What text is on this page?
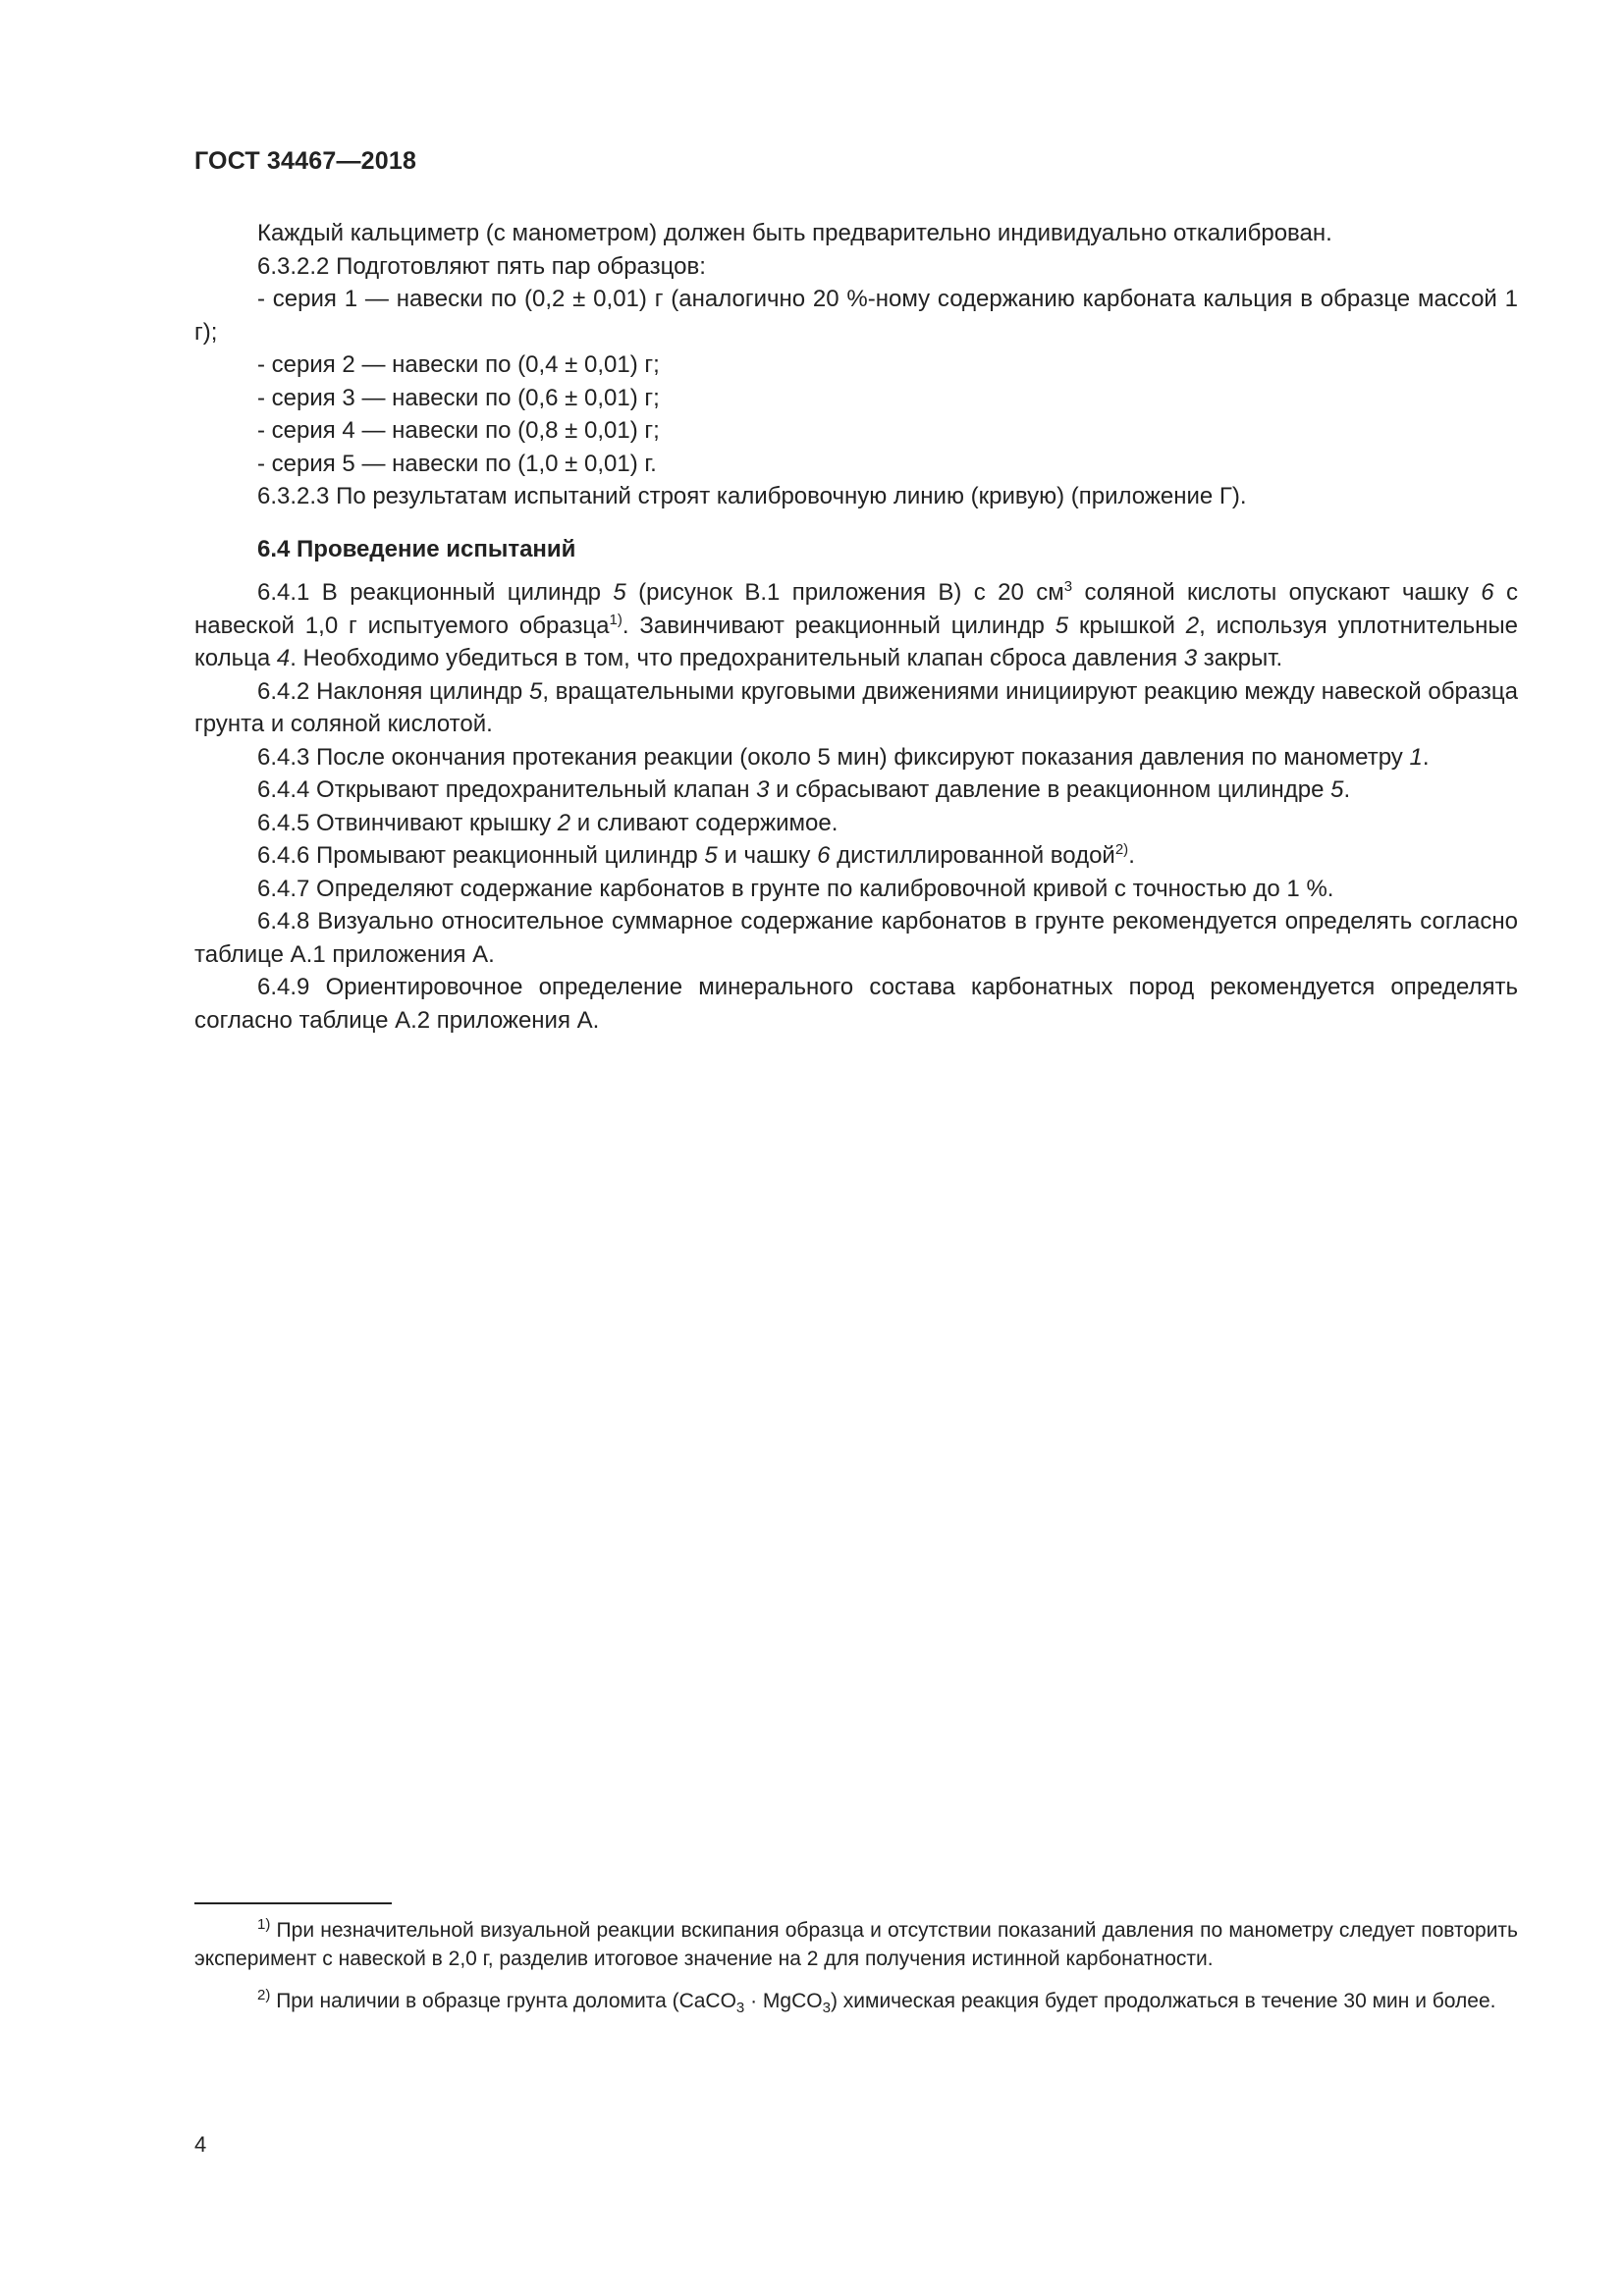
ГОСТ 34467—2018

Каждый кальциметр (с манометром) должен быть предварительно индивидуально откалиброван.

6.3.2.2 Подготовляют пять пар образцов:

- серия 1 — навески по (0,2 ± 0,01) г (аналогично 20 %-ному содержанию карбоната кальция в образце массой 1 г);

- серия 2 — навески по (0,4 ± 0,01) г;

- серия 3 — навески по (0,6 ± 0,01) г;

- серия 4 — навески по (0,8 ± 0,01) г;

- серия 5 — навески по (1,0 ± 0,01) г.

6.3.2.3 По результатам испытаний строят калибровочную линию (кривую) (приложение Г).

6.4 Проведение испытаний

6.4.1 В реакционный цилиндр 5 (рисунок В.1 приложения В) с 20 $см^3$ соляной кислоты опускают чашку 6 с навеской 1,0 г испытуемого образца$^{1)}$. Завинчивают реакционный цилиндр 5 крышкой 2, используя уплотнительные кольца 4. Необходимо убедиться в том, что предохранительный клапан сброса давления 3 закрыт.

6.4.2 Наклоняя цилиндр 5, вращательными круговыми движениями инициируют реакцию между навеской образца грунта и соляной кислотой.

6.4.3 После окончания протекания реакции (около 5 мин) фиксируют показания давления по манометру 1.

6.4.4 Открывают предохранительный клапан 3 и сбрасывают давление в реакционном цилиндре 5.

6.4.5 Отвинчивают крышку 2 и сливают содержимое.

6.4.6 Промывают реакционный цилиндр 5 и чашку 6 дистиллированной водой$^{2)}$.

6.4.7 Определяют содержание карбонатов в грунте по калибровочной кривой с точностью до 1 %.

6.4.8 Визуально относительное суммарное содержание карбонатов в грунте рекомендуется определять согласно таблице А.1 приложения А.

6.4.9 Ориентировочное определение минерального состава карбонатных пород рекомендуется определять согласно таблице А.2 приложения А.

$^{1)}$ При незначительной визуальной реакции вскипания образца и отсутствии показаний давления по манометру следует повторить эксперимент с навеской в 2,0 г, разделив итоговое значение на 2 для получения истинной карбонатности.

$^{2)}$ При наличии в образце грунта доломита (CaCO$_3$ · MgCO$_3$) химическая реакция будет продолжаться в течение 30 мин и более.

4
